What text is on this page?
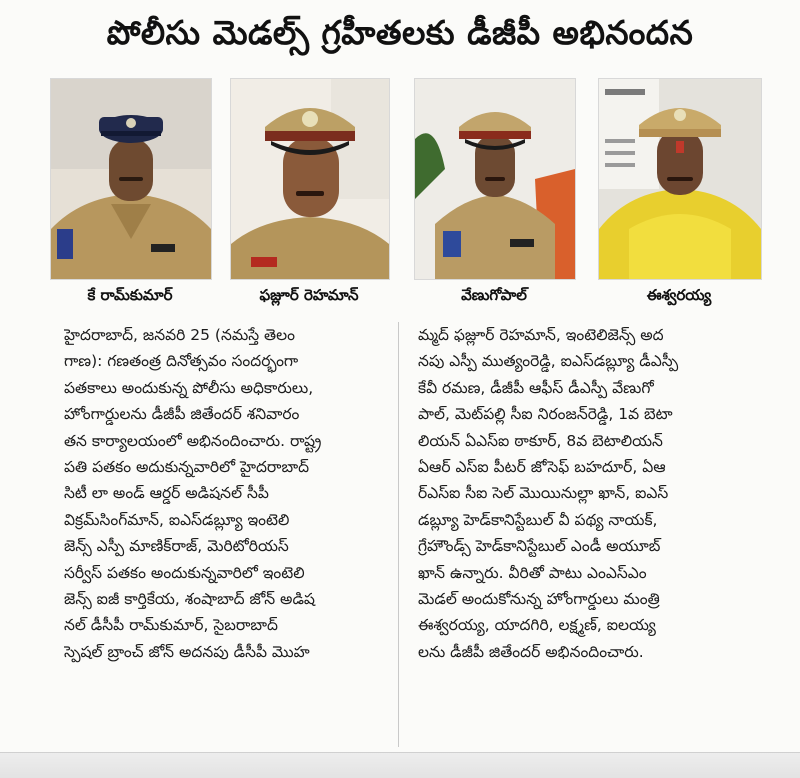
పోలీసు మెడల్స్ గ్రహీతలకు డీజీపీ అభినందన
కే రామ్‌కుమార్	ఫజ్లూర్ రెహమాన్	వేణుగోపాల్	ఈశ్వరయ్య
హైదరాబాద్, జనవరి 25 (నమస్తే తెలం
గాణ): గణతంత్ర దినోత్సవం సందర్భంగా
పతకాలు అందుకున్న పోలీసు అధికారులు,
హోంగార్డులను డీజీపీ జితేందర్ శనివారం
తన కార్యాలయంలో అభినందించారు. రాష్ట్ర
పతి పతకం అదుకున్నవారిలో హైదరాబాద్
సిటీ లా అండ్ ఆర్డర్ అడిషనల్ సీపీ
విక్రమ్‌సింగ్‌మాన్, ఐఎస్‌డబ్ల్యూ ఇంటెలి
జెన్స్ ఎస్పీ మాణిక్‌రాజ్, మెరిటోరియస్
సర్వీస్ పతకం అందుకున్నవారిలో ఇంటెలి
జెన్స్ ఐజీ కార్తికేయ, శంషాబాద్ జోన్ అడిష
నల్ డీసీపీ రామ్‌కుమార్, సైబరాబాద్
స్పెషల్ బ్రాంచ్ జోన్ అదనపు డీసీపీ మొహ
మ్మద్ ఫజ్లూర్ రెహమాన్, ఇంటెలిజెన్స్ అద
నపు ఎస్పీ ముత్యంరెడ్డి, ఐఎస్‌డబ్ల్యూ డీఎస్పీ
కేవీ రమణ, డీజీపీ ఆఫీస్ డీఎస్పీ వేణుగో
పాల్, మెట్‌పల్లి సీఐ నిరంజన్‌రెడ్డి, 1వ బెటా
లియన్ ఏఎస్‌ఐ ఠాకూర్, 8వ బెటాలియన్
ఏఆర్ ఎస్‌ఐ పీటర్ జోసెఫ్ బహదూర్, ఏఆ
ర్‌ఎస్‌ఐ సీఐ సెల్ మొయినుల్లా ఖాన్, ఐఎస్
డబ్ల్యూ హెడ్‌కానిస్టేబుల్ వీ పథ్య నాయక్,
గ్రేహౌండ్స్ హెడ్‌కానిస్టేబుల్ ఎండీ అయూబ్
ఖాన్ ఉన్నారు. వీరితో పాటు ఎంఎస్‌ఎం
మెడల్ అందుకోనున్న హోంగార్డులు మంత్రి
ఈశ్వరయ్య, యాదగిరి, లక్ష్మణ్, ఐలయ్య
లను డీజీపీ జితేందర్ అభినందించారు.
